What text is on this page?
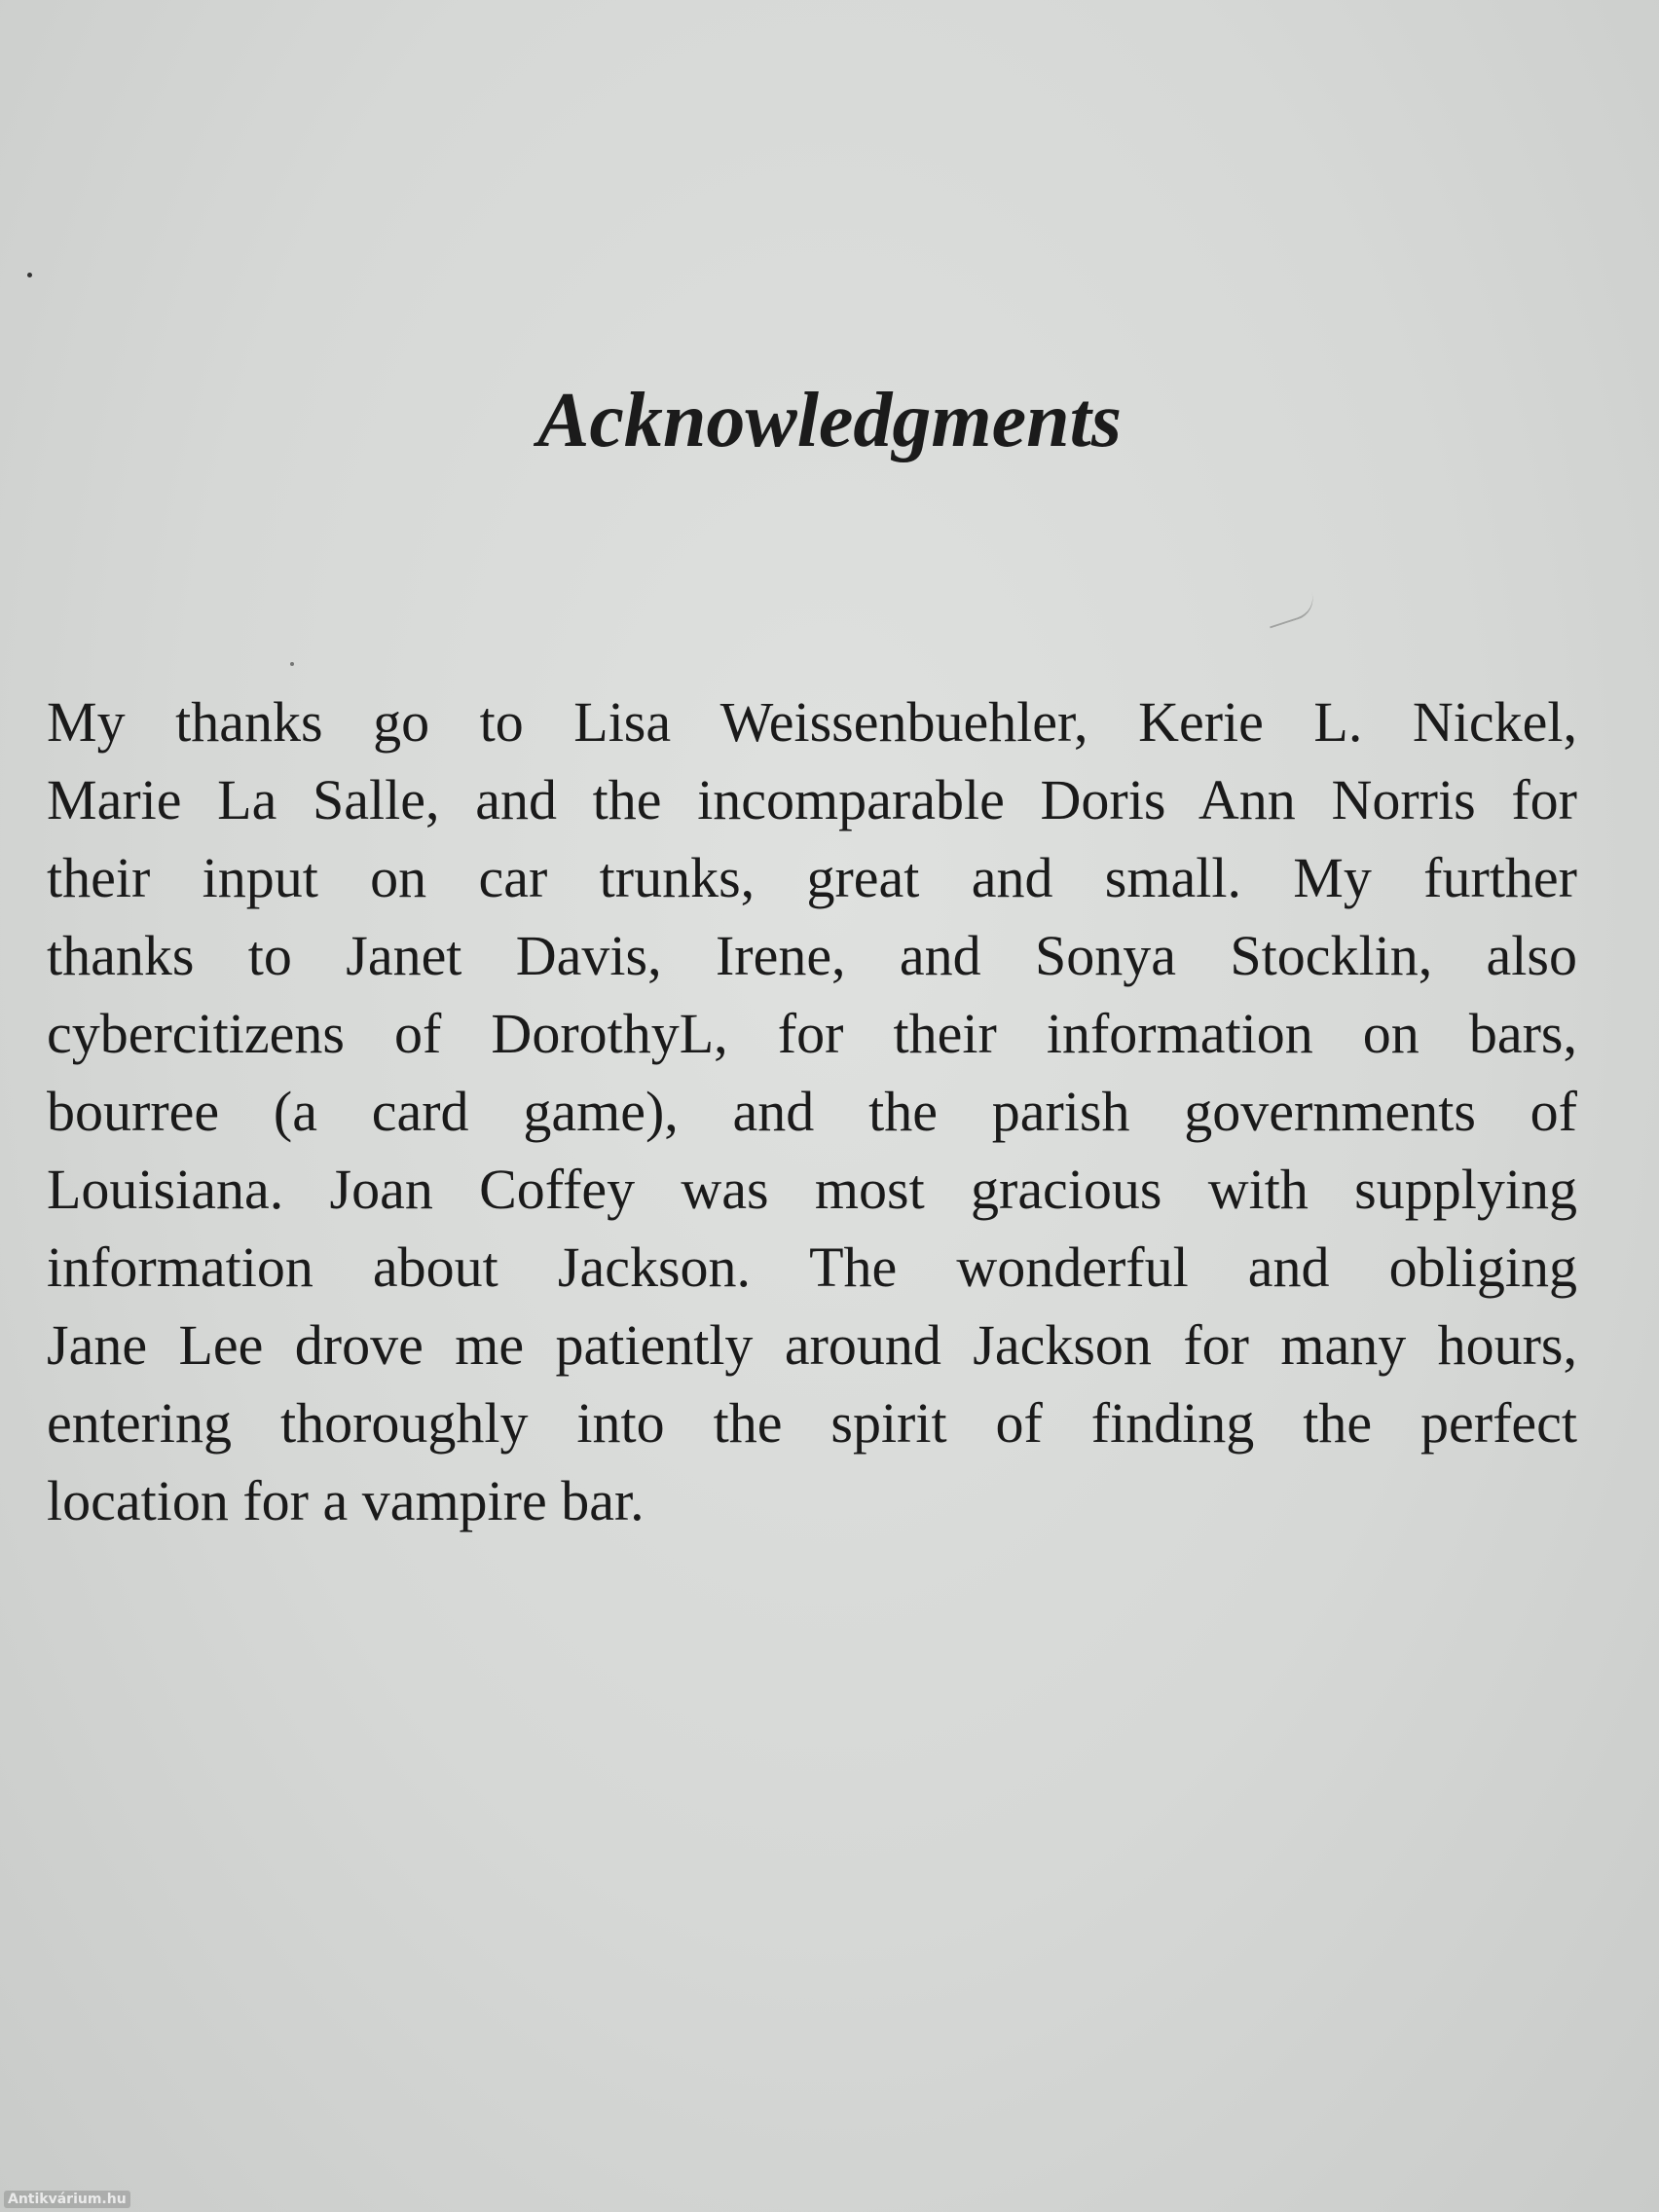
Acknowledgments
My thanks go to Lisa Weissenbuehler, Kerie L. Nickel,
Marie La Salle, and the incomparable Doris Ann Norris for
their input on car trunks, great and small. My further
thanks to Janet Davis, Irene, and Sonya Stocklin, also
cybercitizens of DorothyL, for their information on bars,
bourree (a card game), and the parish governments of
Louisiana. Joan Coffey was most gracious with supplying
information about Jackson. The wonderful and obliging
Jane Lee drove me patiently around Jackson for many hours,
entering thoroughly into the spirit of finding the perfect
location for a vampire bar.
Antikvárium.hu
